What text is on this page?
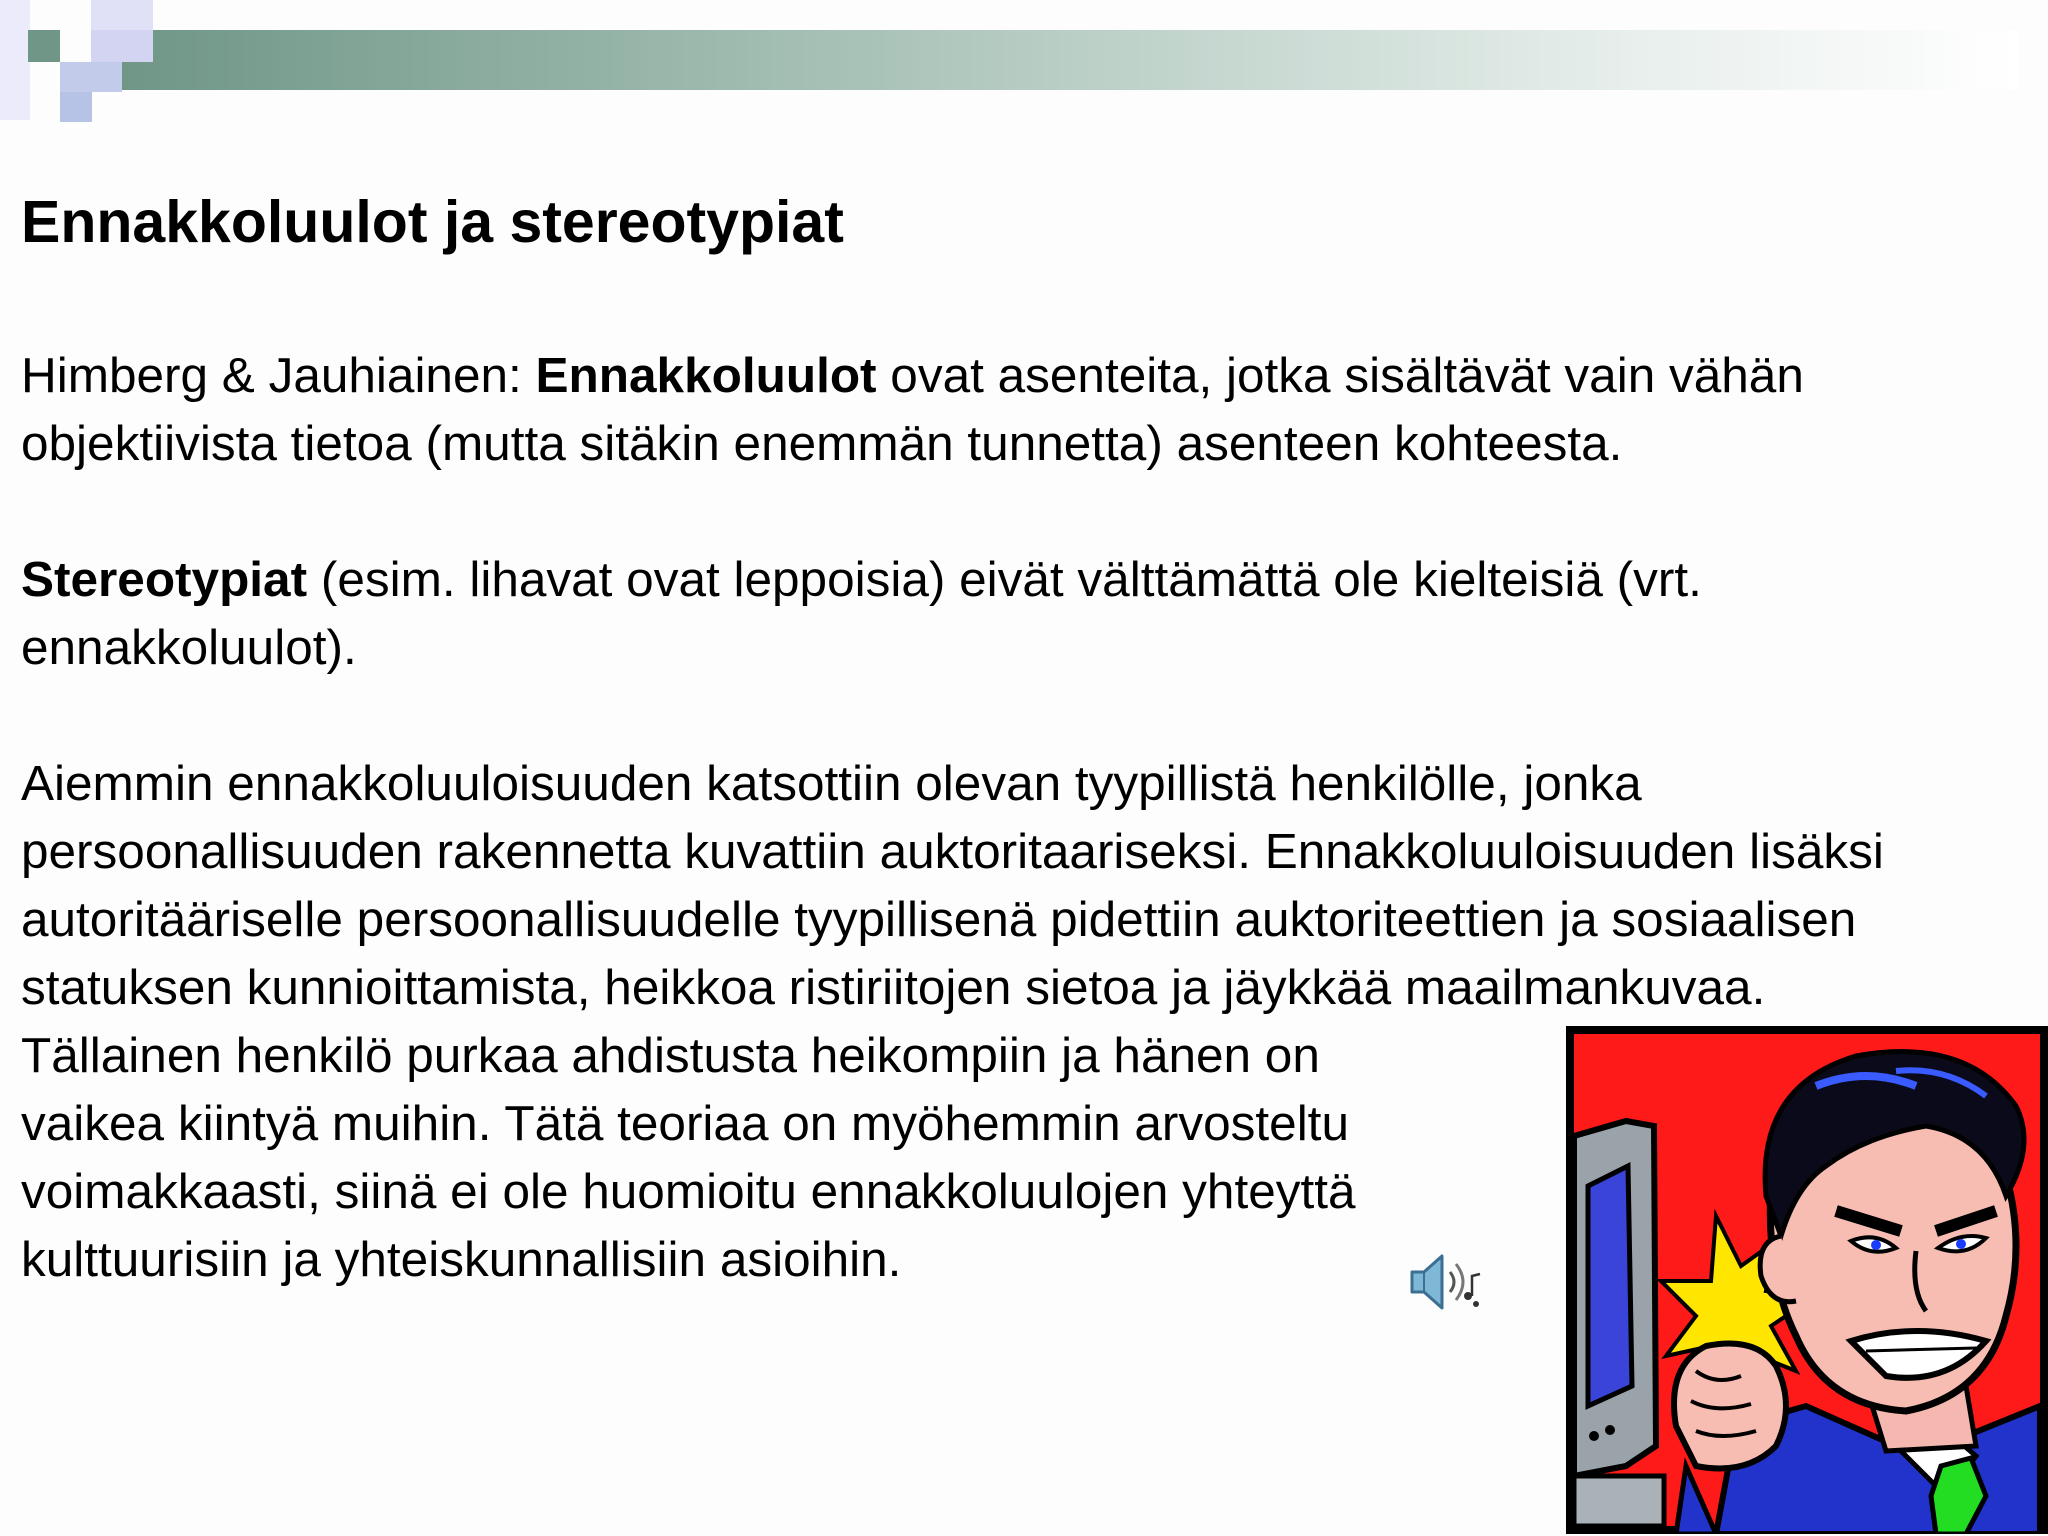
Ennakkoluulot ja stereotypiat

Himberg & Jauhiainen: Ennakkoluulot ovat asenteita, jotka sisältävät vain vähän
objektiivista tietoa (mutta sitäkin enemmän tunnetta) asenteen kohteesta.

Stereotypiat (esim. lihavat ovat leppoisia) eivät välttämättä ole kielteisiä (vrt.
ennakkoluulot).

Aiemmin ennakkoluuloisuuden katsottiin olevan tyypillistä henkilölle, jonka
persoonallisuuden rakennetta kuvattiin auktoritaariseksi. Ennakkoluuloisuuden lisäksi
autoritääriselle persoonallisuudelle tyypillisenä pidettiin auktoriteettien ja sosiaalisen
statuksen kunnioittamista, heikkoa ristiriitojen sietoa ja jäykkää maailmankuvaa.
Tällainen henkilö purkaa ahdistusta heikompiin ja hänen on
vaikea kiintyä muihin. Tätä teoriaa on myöhemmin arvosteltu
voimakkaasti, siinä ei ole huomioitu ennakkoluulojen yhteyttä
kulttuurisiin ja yhteiskunnallisiin asioihin.
